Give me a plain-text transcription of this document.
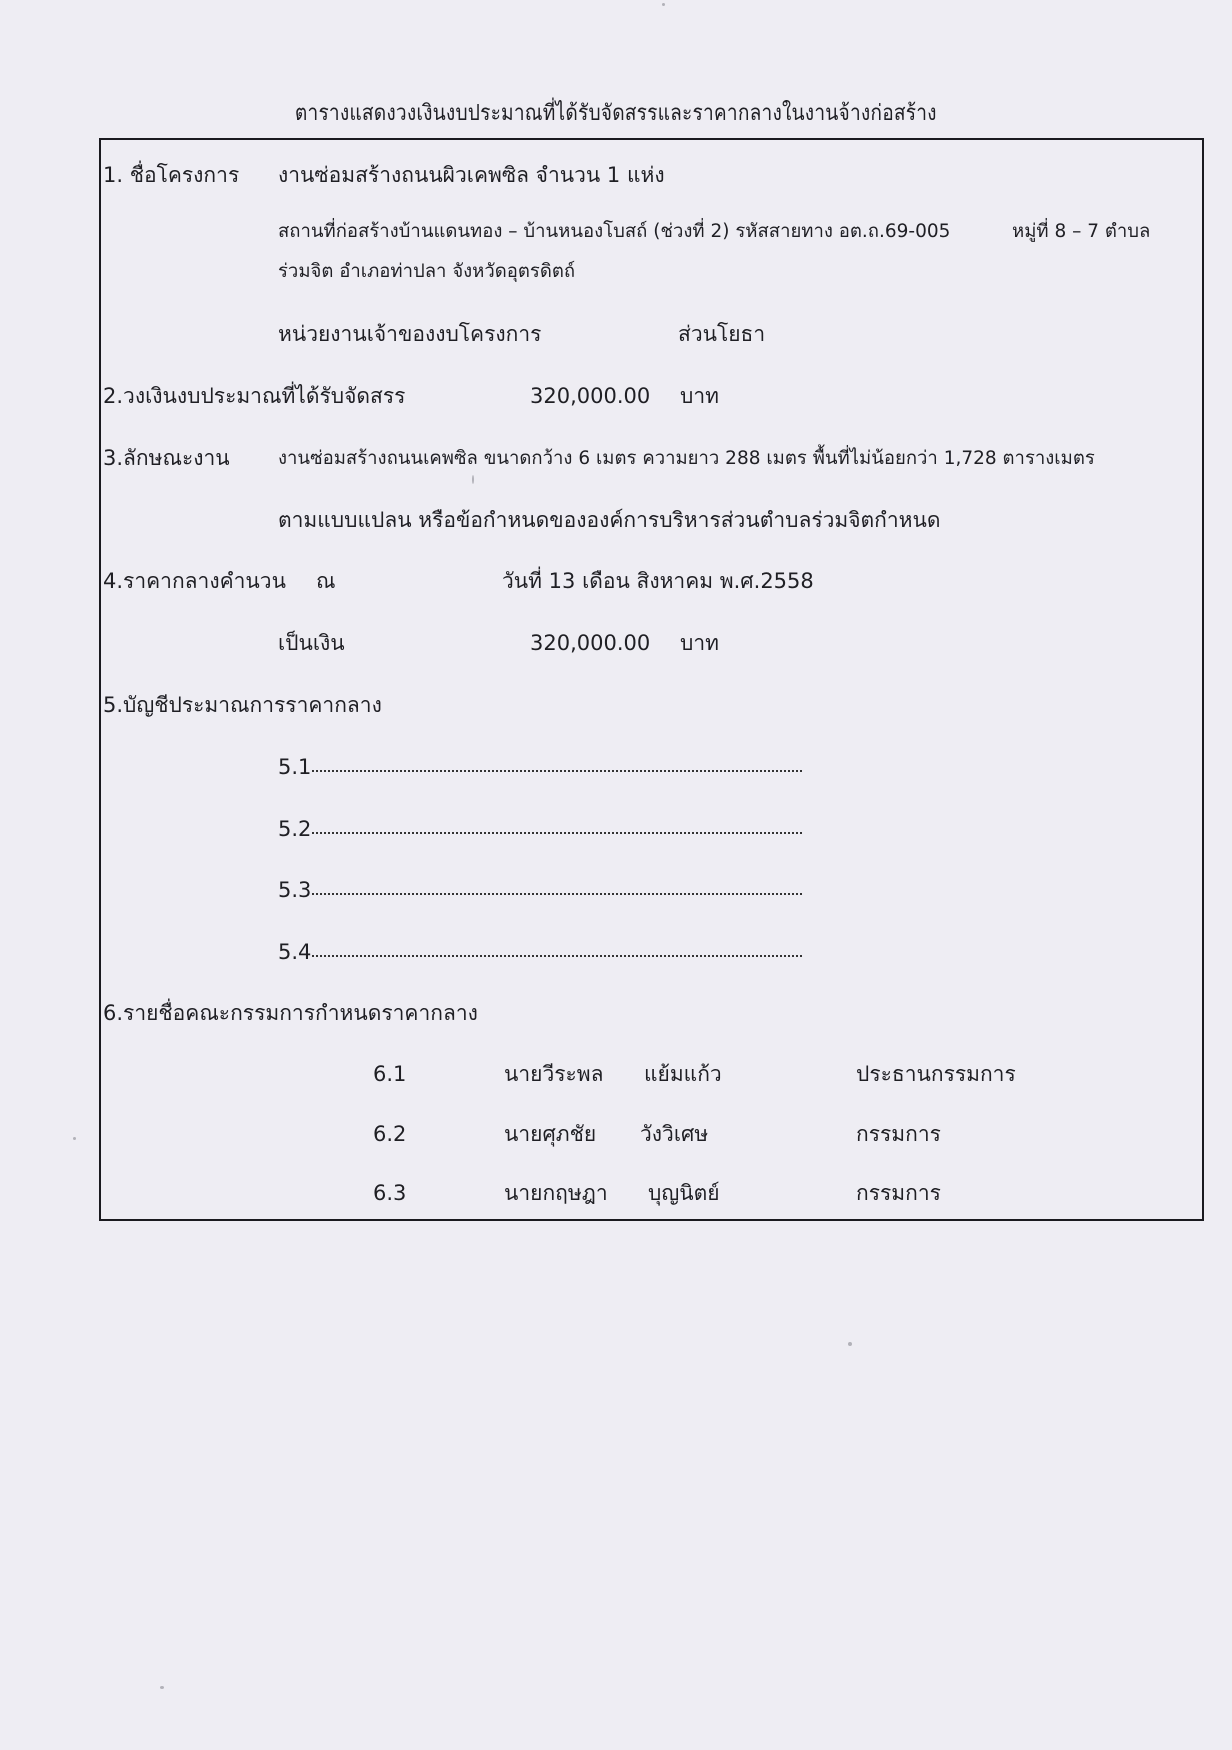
ตารางแสดงวงเงินงบประมาณที่ได้รับจัดสรรและราคากลางในงานจ้างก่อสร้าง
1. ชื่อโครงการ งานซ่อมสร้างถนนผิวเคพซิล จำนวน 1 แห่ง
สถานที่ก่อสร้างบ้านแดนทอง – บ้านหนองโบสถ์ (ช่วงที่ 2) รหัสสายทาง อต.ถ.69-005	หมู่ที่ 8 – 7 ตำบล
ร่วมจิต อำเภอท่าปลา จังหวัดอุตรดิตถ์
หน่วยงานเจ้าของงบโครงการ	ส่วนโยธา
2.วงเงินงบประมาณที่ได้รับจัดสรร	320,000.00 บาท
3.ลักษณะงาน	งานซ่อมสร้างถนนเคพซิล ขนาดกว้าง 6 เมตร ความยาว 288 เมตร พื้นที่ไม่น้อยกว่า 1,728 ตารางเมตร
ตามแบบแปลน หรือข้อกำหนดขององค์การบริหารส่วนตำบลร่วมจิตกำหนด
4.ราคากลางคำนวน ณ	วันที่ 13 เดือน สิงหาคม พ.ศ.2558
เป็นเงิน	320,000.00 บาท
5.บัญชีประมาณการราคากลาง
5.1
5.2
5.3
5.4
6.รายชื่อคณะกรรมการกำหนดราคากลาง
6.1	นายวีระพล แย้มแก้ว	ประธานกรรมการ
6.2	นายศุภชัย วังวิเศษ	กรรมการ
6.3	นายกฤษฎา บุญนิตย์	กรรมการ
